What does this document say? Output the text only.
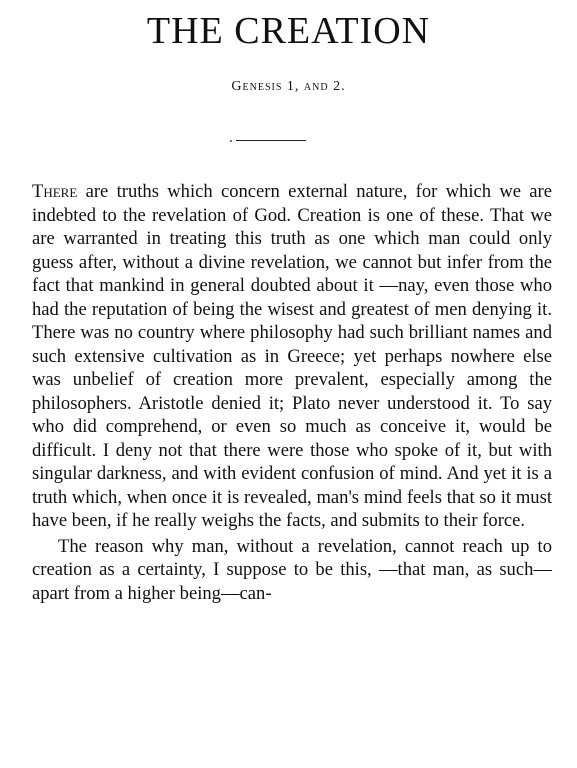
THE CREATION
Genesis 1, and 2.

There are truths which concern external nature, for which we are indebted to the revelation of God. Creation is one of these. That we are warranted in treating this truth as one which man could only guess after, without a divine revelation, we cannot but infer from the fact that mankind in general doubted about it —nay, even those who had the reputation of being the wisest and greatest of men denying it. There was no country where philosophy had such brilliant names and such extensive cultivation as in Greece; yet perhaps nowhere else was unbelief of creation more prevalent, especially among the philosophers. Aristotle denied it; Plato never understood it. To say who did comprehend, or even so much as conceive it, would be difficult. I deny not that there were those who spoke of it, but with singular darkness, and with evident confusion of mind. And yet it is a truth which, when once it is revealed, man's mind feels that so it must have been, if he really weighs the facts, and submits to their force.

The reason why man, without a revelation, cannot reach up to creation as a certainty, I suppose to be this, —that man, as such—apart from a higher being—can-
